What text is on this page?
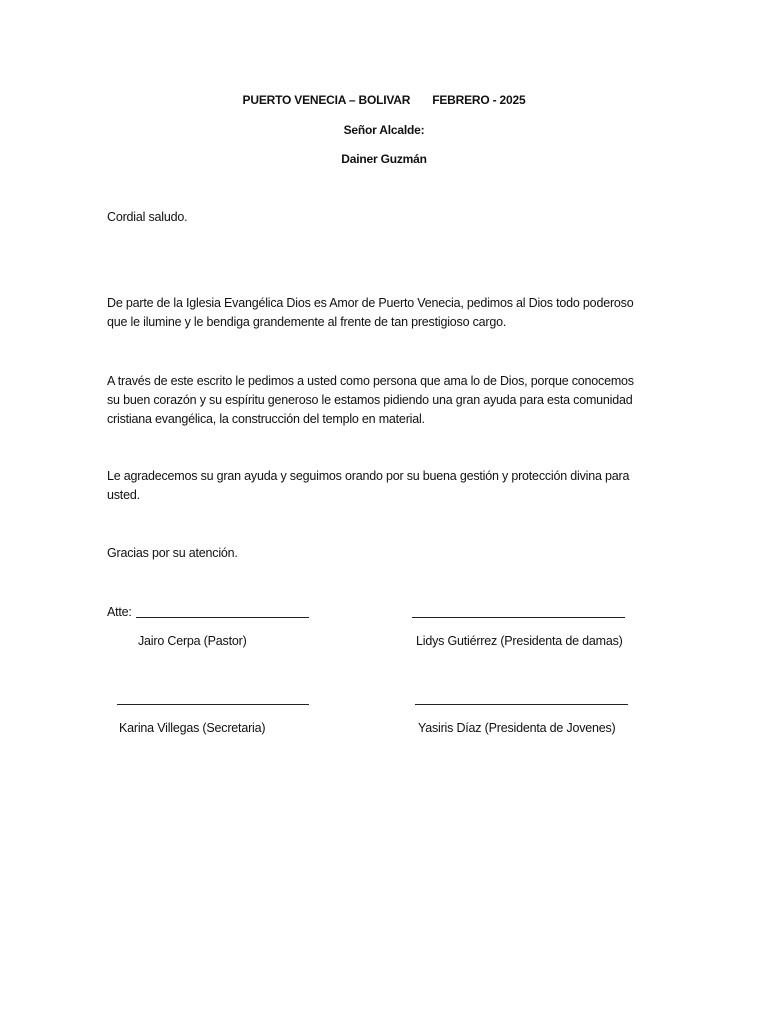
PUERTO VENECIA – BOLIVAR FEBRERO - 2025
Señor Alcalde:
Dainer Guzmán
Cordial saludo.
De parte de la Iglesia Evangélica Dios es Amor de Puerto Venecia, pedimos al Dios todo poderoso
que le ilumine y le bendiga grandemente al frente de tan prestigioso cargo.
A través de este escrito le pedimos a usted como persona que ama lo de Dios, porque conocemos
su buen corazón y su espíritu generoso le estamos pidiendo una gran ayuda para esta comunidad
cristiana evangélica, la construcción del templo en material.
Le agradecemos su gran ayuda y seguimos orando por su buena gestión y protección divina para
usted.
Gracias por su atención.
Atte:
Jairo Cerpa (Pastor)	Lidys Gutiérrez (Presidenta de damas)
Karina Villegas (Secretaria)	Yasiris Díaz (Presidenta de Jovenes)
